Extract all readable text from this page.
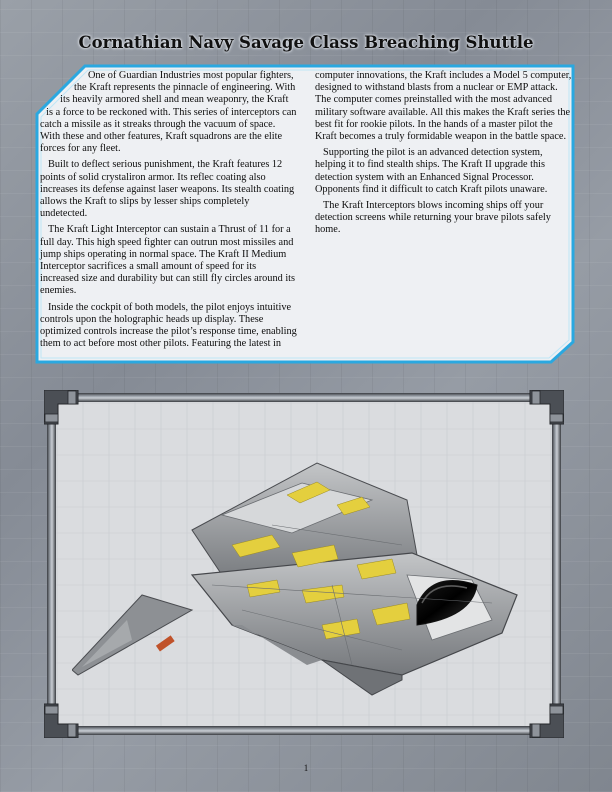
Cornathian Navy Savage Class Breaching Shuttle

One of Guardian Industries most popular fighters, the Kraft represents the pinnacle of engineering. With its heavily armored shell and mean weaponry, the Kraft is a force to be reckoned with. This series of interceptors can catch a missile as it streaks through the vacuum of space. With these and other features, Kraft squadrons are the elite forces for any fleet.

Built to deflect serious punishment, the Kraft features 12 points of solid crystaliron armor. Its reflec coating also increases its defense against laser weapons. Its stealth coating allows the Kraft to slips by lesser ships completely undetected.

The Kraft Light Interceptor can sustain a Thrust of 11 for a full day. This high speed fighter can outrun most missiles and jump ships operating in normal space. The Kraft II Medium Interceptor sacrifices a small amount of speed for its increased size and durability but can still fly circles around its enemies.

Inside the cockpit of both models, the pilot enjoys intuitive controls upon the holographic heads up display. These optimized controls increase the pilot’s response time, enabling them to act before most other pilots. Featuring the latest in computer innovations, the Kraft includes a Model 5 computer, designed to withstand blasts from a nuclear or EMP attack. The computer comes preinstalled with the most advanced military software available. All this makes the Kraft series the best fit for rookie pilots. In the hands of a master pilot the Kraft becomes a truly formidable weapon in the battle space.

Supporting the pilot is an advanced detection system, helping it to find stealth ships. The Kraft II upgrade this detection system with an Enhanced Signal Processor. Opponents find it difficult to catch Kraft pilots unaware.

The Kraft Interceptors blows incoming ships off your detection screens while returning your brave pilots safely home.

1
